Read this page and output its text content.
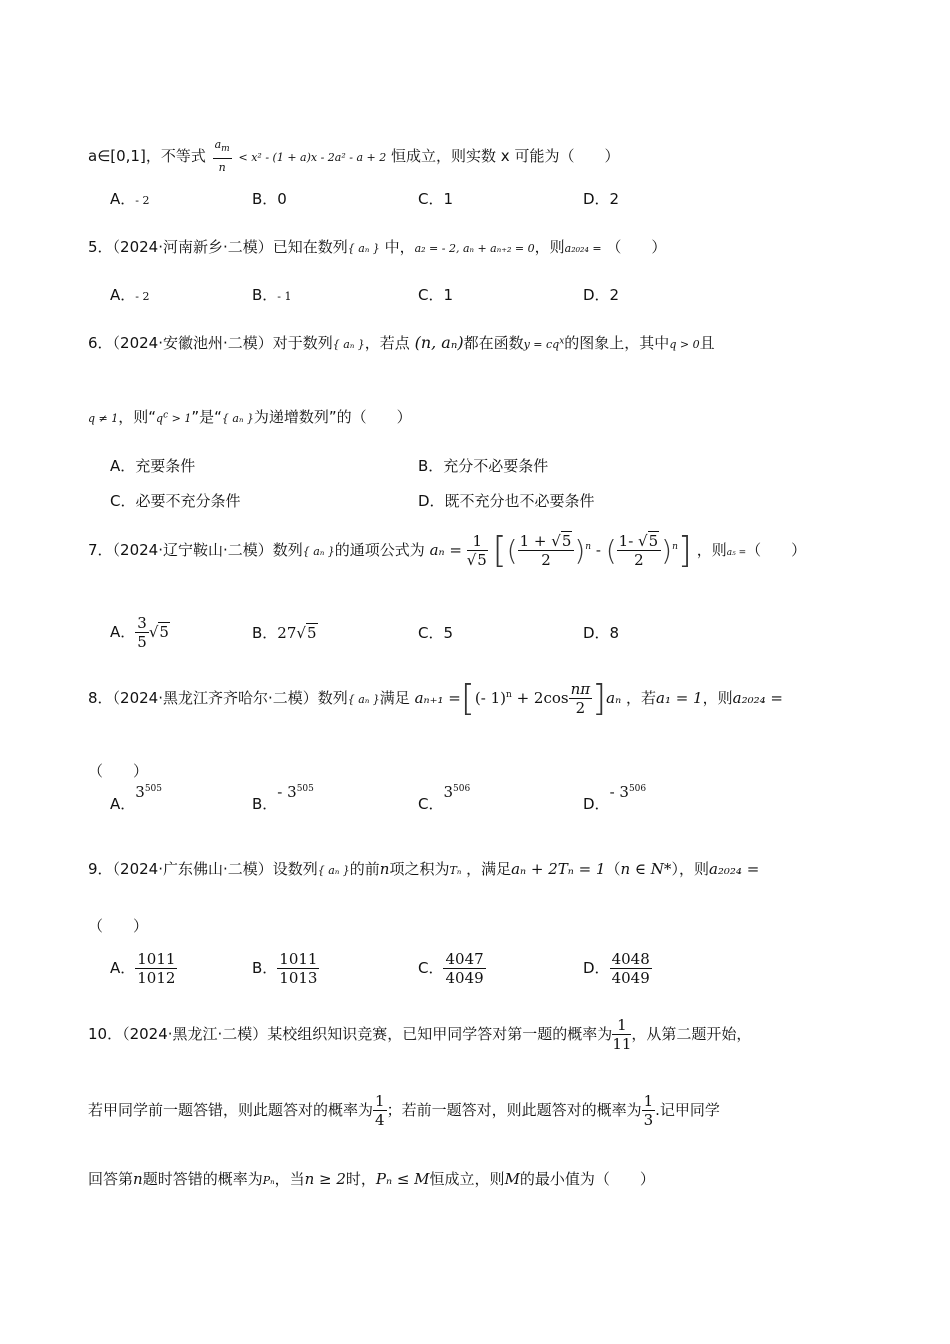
a∈[0,1]，不等式 $\frac{a_m}{n} < x^2 - (1 + a)x - 2a^2 - a + 2$ 恒成立，则实数 x 可能为（　　）
A．- 2	B．0	C．1	D．2
5．（2024·河南新乡·二模）已知在数列{ aₙ } 中，a₂ = - 2, aₙ + aₙ₊₂ = 0，则a₂₀₂₄ = （　　）
A．- 2	B．- 1	C．1	D．2
6．（2024·安徽池州·二模）对于数列{ aₙ }，若点 (n, aₙ)都在函数$y = cq^x$的图象上，其中q > 0且
q ≠ 1，则“$q^c > 1$”是“{ aₙ }为递增数列”的（　　）
A．充要条件	B．充分不必要条件
C．必要不充分条件	D．既不充分也不必要条件
7．（2024·辽宁鞍山·二模）数列{ aₙ }的通项公式为 $a_n = \frac{1}{√5}$ [( $\frac{1 + √5}{2} )^n$ - ( $\frac{1- √5}{2} )^n$] ，则a₅ =（　　）
A． $\frac{3}{5} √5$	B．27√5	C．5	D．8
8．（2024·黑龙江齐齐哈尔·二模）数列{ aₙ }满足 aₙ₊₁ =[(- $1)^n + 2\cos \frac{n\pi}{2} ]a_n$ ，若a₁ = 1，则a₂₀₂₄ =
（　　）
A．$3^{505}$
B．- $3^{505}$
C．$3^{506}$
D．- $3^{506}$
9．（2024·广东佛山·二模）设数列{ aₙ }的前n项之积为Tₙ ，满足aₙ + 2Tₙ = 1（n ∈ N*），则a₂₀₂₄ =
（　　）
A． $\frac{1011}{1012}$	B． $\frac{1011}{1013}$	C． $\frac{4047}{4049}$	D． $\frac{4048}{4049}$
10．（2024·黑龙江·二模）某校组织知识竞赛，已知甲同学答对第一题的概率为 $\frac{1}{11}$ ，从第二题开始，
若甲同学前一题答错，则此题答对的概率为 $\frac{1}{4}$ ；若前一题答对，则此题答对的概率为 $\frac{1}{3}$ .记甲同学
回答第n题时答错的概率为Pₙ，当n ≥ 2时，Pₙ ≤ M恒成立，则M的最小值为（　　）
